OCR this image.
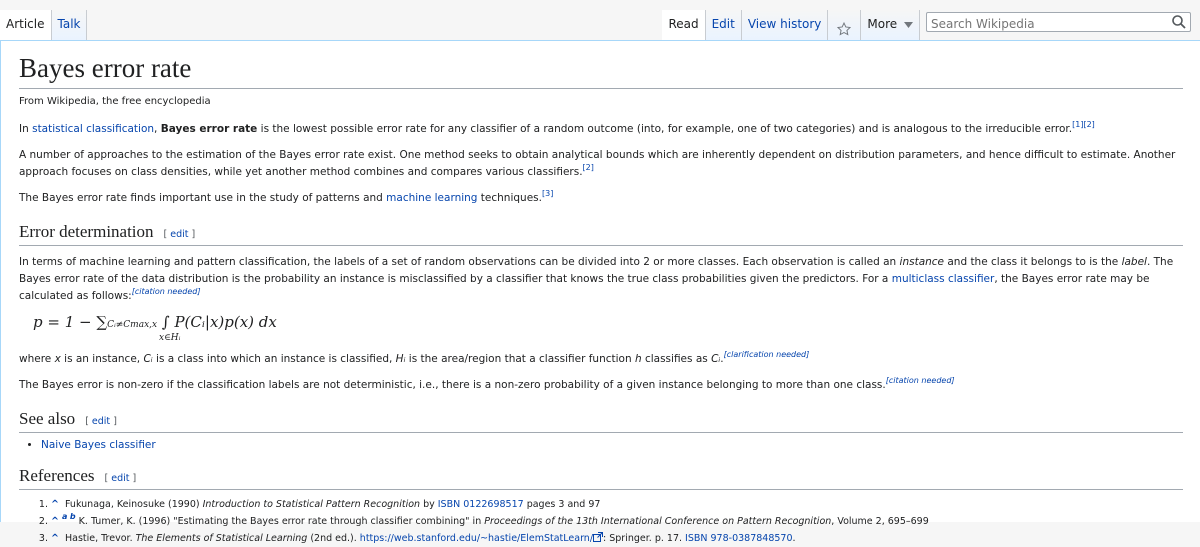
Article	Talk	Read	Edit	View history	More
Search Wikipedia
Bayes error rate
From Wikipedia, the free encyclopedia

In statistical classification, Bayes error rate is the lowest possible error rate for any classifier of a random outcome (into, for example, one of two categories) and is analogous to the irreducible error.[1][2]

A number of approaches to the estimation of the Bayes error rate exist. One method seeks to obtain analytical bounds which are inherently dependent on distribution parameters, and hence difficult to estimate. Another approach focuses on class densities, while yet another method combines and compares various classifiers.[2]

The Bayes error rate finds important use in the study of patterns and machine learning techniques.[3]

Error determination [ edit ]

In terms of machine learning and pattern classification, the labels of a set of random observations can be divided into 2 or more classes. Each observation is called an instance and the class it belongs to is the label. The Bayes error rate of the data distribution is the probability an instance is misclassified by a classifier that knows the true class probabilities given the predictors. For a multiclass classifier, the Bayes error rate may be calculated as follows:[citation needed]

p = 1 − ∑Cᵢ≠Cmax,x ∫ P(Cᵢ|x)p(x) dx
x∈Hᵢ

where x is an instance, Cᵢ is a class into which an instance is classified, Hᵢ is the area/region that a classifier function h classifies as Cᵢ.[clarification needed]

The Bayes error is non-zero if the classification labels are not deterministic, i.e., there is a non-zero probability of a given instance belonging to more than one class.[citation needed]

See also [ edit ]
• Naive Bayes classifier
References [ edit ]
1. ^ Fukunaga, Keinosuke (1990) Introduction to Statistical Pattern Recognition by ISBN 0122698517 pages 3 and 97
2. ^ $^{a b}$ K. Tumer, K. (1996) "Estimating the Bayes error rate through classifier combining" in Proceedings of the 13th International Conference on Pattern Recognition, Volume 2, 695–699
3. ^ Hastie, Trevor. The Elements of Statistical Learning (2nd ed.). https://web.stanford.edu/~hastie/ElemStatLearn/ : Springer. p. 17. ISBN 978-0387848570.
